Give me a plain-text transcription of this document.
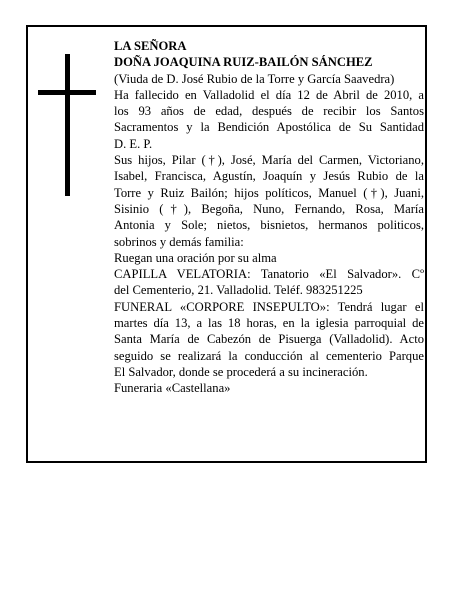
LA SEÑORA
DOÑA JOAQUINA RUIZ-BAILÓN SÁNCHEZ
(Viuda de D. José Rubio de la Torre y García Saavedra)
Ha fallecido en Valladolid el día 12 de Abril de 2010, a
los 93 años de edad, después de recibir los Santos
Sacramentos y la Bendición Apostólica de Su Santidad
D. E. P.
Sus hijos, Pilar (†), José, María del Carmen, Victoriano,
Isabel, Francisca, Agustín, Joaquín y Jesús Rubio de la
Torre y Ruiz Bailón; hijos políticos, Manuel (†), Juani,
Sisinio (†), Begoña, Nuno, Fernando, Rosa, María
Antonia y Sole; nietos, bisnietos, hermanos politicos,
sobrinos y demás familia:
Ruegan una oración por su alma
CAPILLA VELATORIA: Tanatorio «El Salvador». Cº
del Cementerio, 21. Valladolid. Teléf. 983251225
FUNERAL «CORPORE INSEPULTO»: Tendrá lugar el
martes día 13, a las 18 horas, en la iglesia parroquial de
Santa María de Cabezón de Pisuerga (Valladolid). Acto
seguido se realizará la conducción al cementerio Parque
El Salvador, donde se procederá a su incineración.
Funeraria «Castellana»
